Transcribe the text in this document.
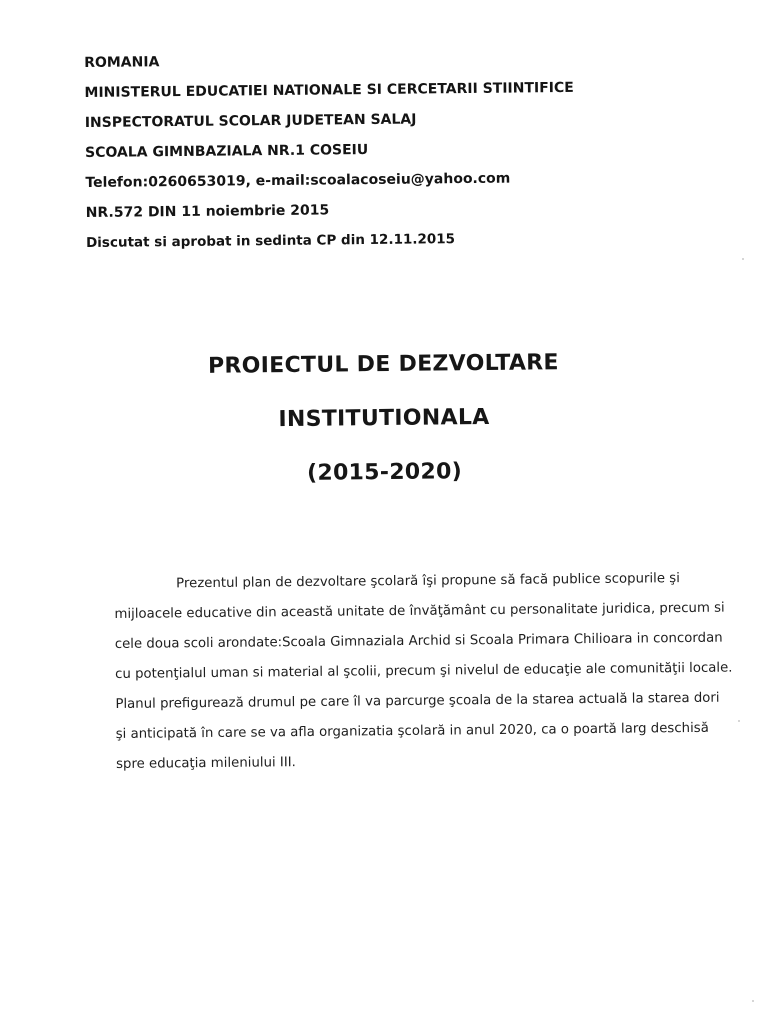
ROMANIA
MINISTERUL EDUCATIEI NATIONALE SI CERCETARII STIINTIFICE
INSPECTORATUL SCOLAR JUDETEAN SALAJ
SCOALA GIMNBAZIALA NR.1 COSEIU
Telefon:0260653019, e-mail:scoalacoseiu@yahoo.com
NR.572 DIN 11 noiembrie 2015
Discutat si aprobat in sedinta CP din 12.11.2015
PROIECTUL DE DEZVOLTARE
INSTITUTIONALA
(2015-2020)
Prezentul plan de dezvoltare şcolară îşi propune să facă publice scopurile şi
mijloacele educative din această unitate de învăţământ cu personalitate juridica, precum si
cele doua scoli arondate:Scoala Gimnaziala Archid si Scoala Primara Chilioara in concordan
cu potenţialul uman si material al şcolii, precum şi nivelul de educaţie ale comunităţii locale.
Planul prefigurează drumul pe care îl va parcurge şcoala de la starea actuală la starea dori
şi anticipată în care se va afla organizatia şcolară in anul 2020, ca o poartă larg deschisă
spre educaţia mileniului III.
